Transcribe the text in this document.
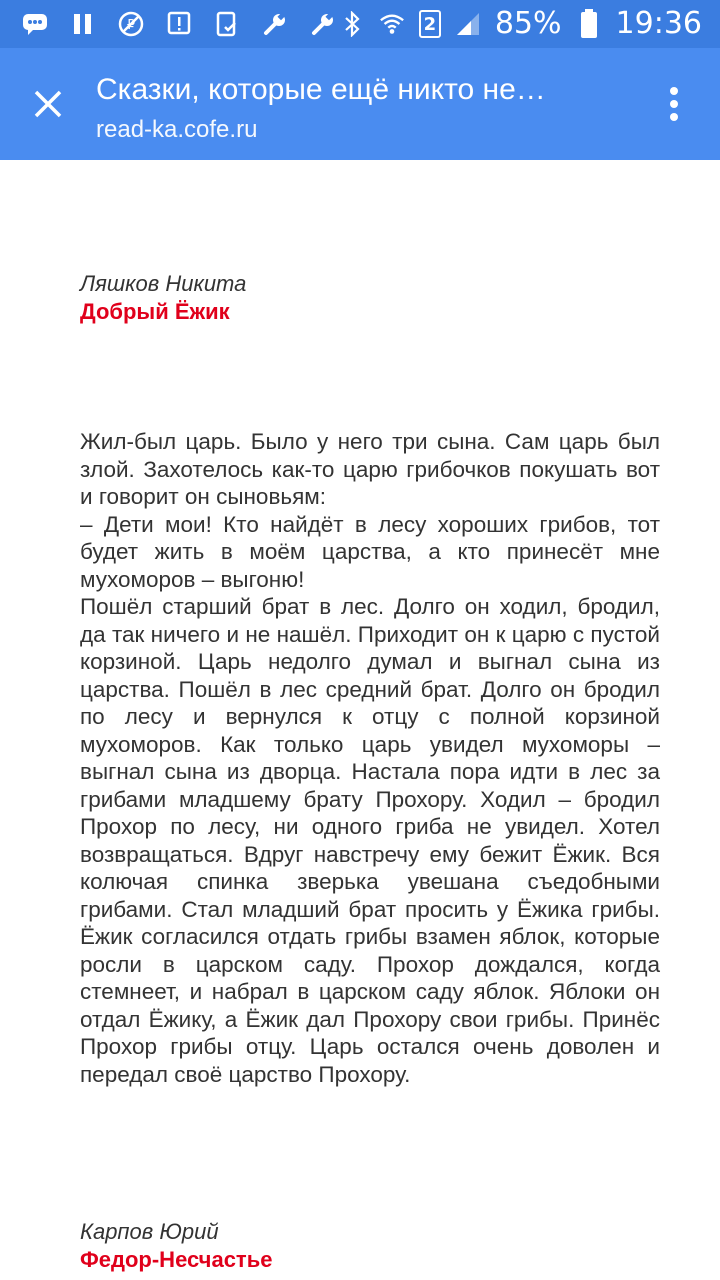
₽	2 85% 19:36
Сказки, которые ещё никто не…
read-ka.cofe.ru
Ляшков Никита
Добрый Ёжик

Жил-был царь. Было у него три сына. Сам царь был злой. Захотелось как-то царю грибочков покушать вот и говорит он сыновьям:

– Дети мои! Кто найдёт в лесу хороших грибов, тот будет жить в моём царства, а кто принесёт мне мухоморов – выгоню!

Пошёл старший брат в лес. Долго он ходил, бродил, да так ничего и не нашёл. Приходит он к царю с пустой корзиной. Царь недолго думал и выгнал сына из царства. Пошёл в лес средний брат. Долго он бродил по лесу и вернулся к отцу с полной корзиной мухоморов. Как только царь увидел мухоморы – выгнал сына из дворца. Настала пора идти в лес за грибами младшему брату Прохору. Ходил – бродил Прохор по лесу, ни одного гриба не увидел. Хотел возвращаться. Вдруг навстречу ему бежит Ёжик. Вся колючая спинка зверька увешана съедобными грибами. Стал младший брат просить у Ёжика грибы. Ёжик согласился отдать грибы взамен яблок, которые росли в царском саду. Прохор дождался, когда стемнеет, и набрал в царском саду яблок. Яблоки он отдал Ёжику, а Ёжик дал Прохору свои грибы. Принёс Прохор грибы отцу. Царь остался очень доволен и передал своё царство Прохору.

Карпов Юрий
Федор-Несчастье
